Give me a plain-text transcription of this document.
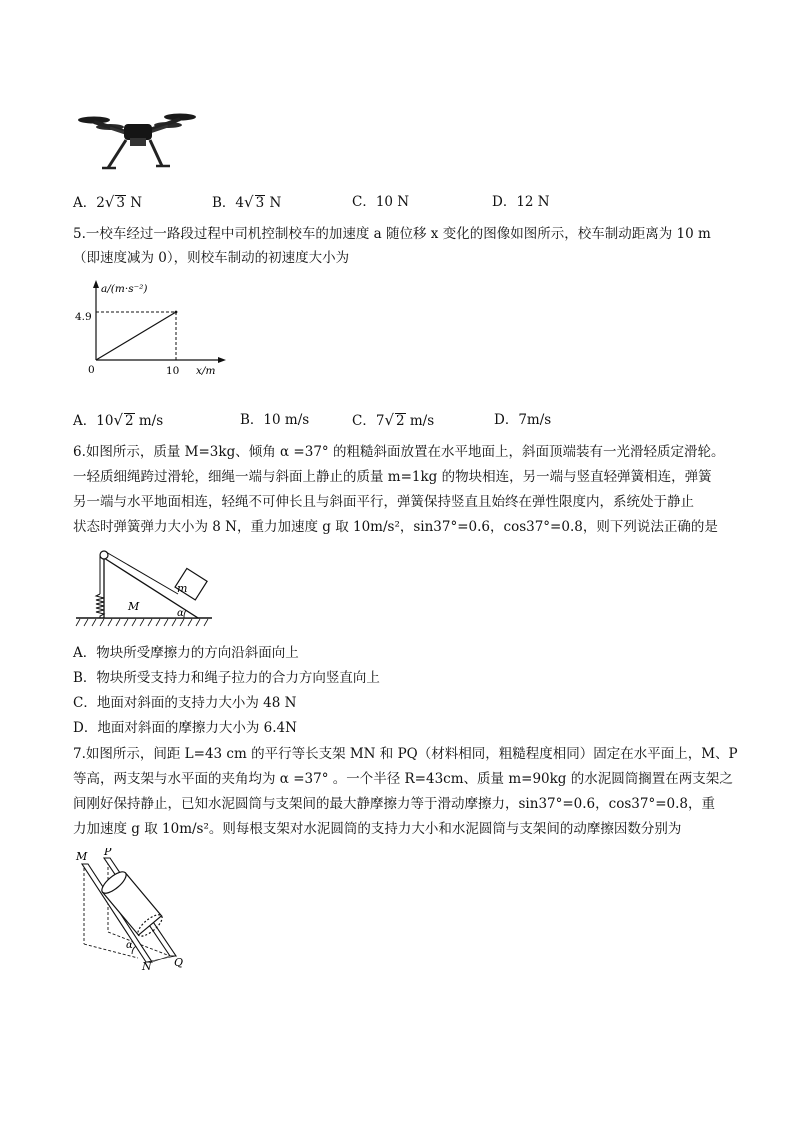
A．2√ 3 N	B．4√ 3 N	C．10 N	D．12 N
5.一校车经过一路段过程中司机控制校车的加速度 a 随位移 x 变化的图像如图所示，校车制动距离为 10 m
（即速度减为 0），则校车制动的初速度大小为
a/(m·s⁻²)
x/m
4.9
10
0
A．10√ 2 m/s	B．10 m/s	C．7√ 2 m/s	D．7m/s
6.如图所示，质量 M=3kg、倾角 α =37° 的粗糙斜面放置在水平地面上，斜面顶端装有一光滑轻质定滑轮。
一轻质细绳跨过滑轮，细绳一端与斜面上静止的质量 m=1kg 的物块相连，另一端与竖直轻弹簧相连，弹簧
另一端与水平地面相连，轻绳不可伸长且与斜面平行，弹簧保持竖直且始终在弹性限度内，系统处于静止
状态时弹簧弹力大小为 8 N，重力加速度 g 取 10m/s²，sin37°=0.6，cos37°=0.8，则下列说法正确的是
m
M
α
A．物块所受摩擦力的方向沿斜面向上
B．物块所受支持力和绳子拉力的合力方向竖直向上
C．地面对斜面的支持力大小为 48 N
D．地面对斜面的摩擦力大小为 6.4N
7.如图所示，间距 L=43 cm 的平行等长支架 MN 和 PQ（材料相同，粗糙程度相同）固定在水平面上，M、P
等高，两支架与水平面的夹角均为 α =37° 。一个半径 R=43cm、质量 m=90kg 的水泥圆筒搁置在两支架之
间刚好保持静止，已知水泥圆筒与支架间的最大静摩擦力等于滑动摩擦力，sin37°=0.6，cos37°=0.8，重
力加速度 g 取 10m/s²。则每根支架对水泥圆筒的支持力大小和水泥圆筒与支架间的动摩擦因数分别为
α
M P
N Q
